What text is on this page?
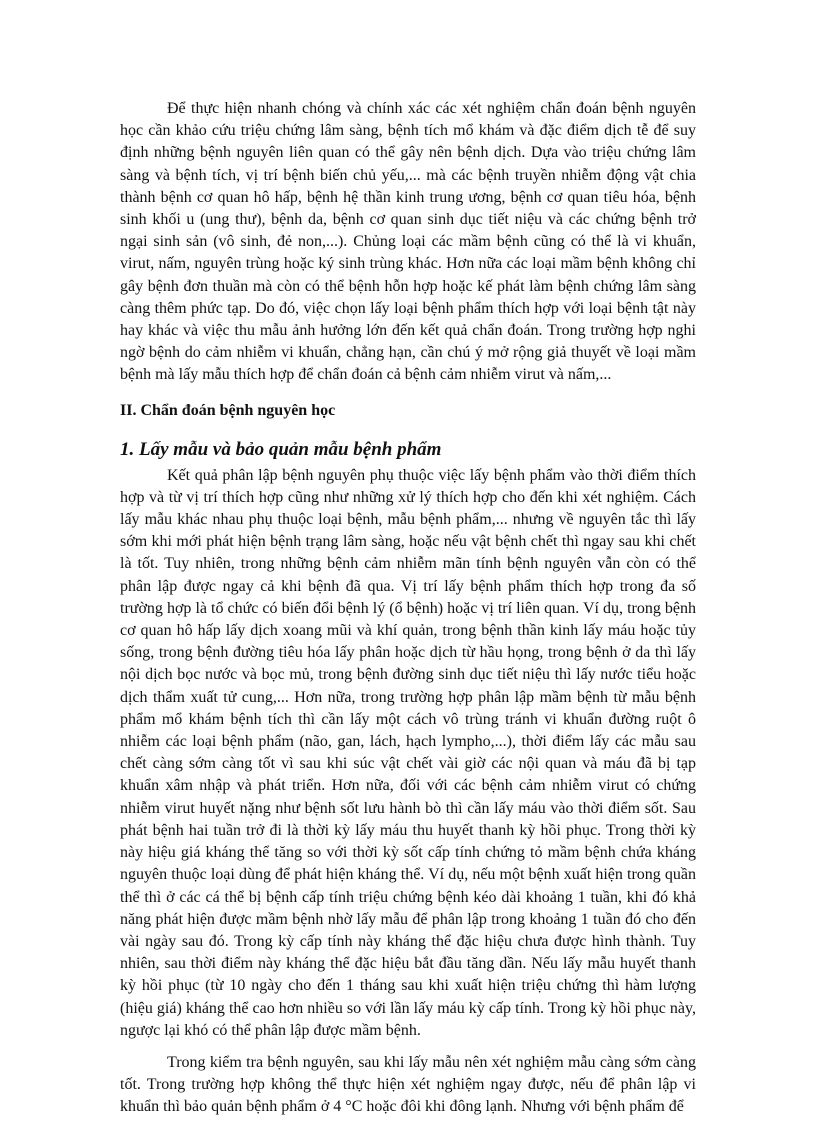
Để thực hiện nhanh chóng và chính xác các xét nghiệm chẩn đoán bệnh nguyên học cần khảo cứu triệu chứng lâm sàng, bệnh tích mổ khám và đặc điểm dịch tễ để suy định những bệnh nguyên liên quan có thể gây nên bệnh dịch. Dựa vào triệu chứng lâm sàng và bệnh tích, vị trí bệnh biến chủ yếu,... mà các bệnh truyền nhiễm động vật chia thành bệnh cơ quan hô hấp, bệnh hệ thần kinh trung ương, bệnh cơ quan tiêu hóa, bệnh sinh khối u (ung thư), bệnh da, bệnh cơ quan sinh dục tiết niệu và các chứng bệnh trở ngại sinh sản (vô sinh, đẻ non,...). Chủng loại các mầm bệnh cũng có thể là vi khuẩn, virut, nấm, nguyên trùng hoặc ký sinh trùng khác. Hơn nữa các loại mầm bệnh không chỉ gây bệnh đơn thuần mà còn có thể bệnh hỗn hợp hoặc kế phát làm bệnh chứng lâm sàng càng thêm phức tạp. Do đó, việc chọn lấy loại bệnh phẩm thích hợp với loại bệnh tật này hay khác và việc thu mẫu ảnh hưởng lớn đến kết quả chẩn đoán. Trong trường hợp nghi ngờ bệnh do cảm nhiễm vi khuẩn, chẳng hạn, cần chú ý mở rộng giả thuyết về loại mầm bệnh mà lấy mẫu thích hợp để chẩn đoán cả bệnh cảm nhiễm virut và nấm,...

II. Chẩn đoán bệnh nguyên học
1. Lấy mẫu và bảo quản mẫu bệnh phẩm

Kết quả phân lập bệnh nguyên phụ thuộc việc lấy bệnh phẩm vào thời điểm thích hợp và từ vị trí thích hợp cũng như những xử lý thích hợp cho đến khi xét nghiệm. Cách lấy mẫu khác nhau phụ thuộc loại bệnh, mẫu bệnh phẩm,... nhưng về nguyên tắc thì lấy sớm khi mới phát hiện bệnh trạng lâm sàng, hoặc nếu vật bệnh chết thì ngay sau khi chết là tốt. Tuy nhiên, trong những bệnh cảm nhiễm mãn tính bệnh nguyên vẫn còn có thể phân lập được ngay cả khi bệnh đã qua. Vị trí lấy bệnh phẩm thích hợp trong đa số trường hợp là tổ chức có biến đổi bệnh lý (ổ bệnh) hoặc vị trí liên quan. Ví dụ, trong bệnh cơ quan hô hấp lấy dịch xoang mũi và khí quản, trong bệnh thần kinh lấy máu hoặc tủy sống, trong bệnh đường tiêu hóa lấy phân hoặc dịch từ hầu họng, trong bệnh ở da thì lấy nội dịch bọc nước và bọc mủ, trong bệnh đường sinh dục tiết niệu thì lấy nước tiểu hoặc dịch thẩm xuất tử cung,... Hơn nữa, trong trường hợp phân lập mầm bệnh từ mẫu bệnh phẩm mổ khám bệnh tích thì cần lấy một cách vô trùng tránh vi khuẩn đường ruột ô nhiễm các loại bệnh phẩm (não, gan, lách, hạch lympho,...), thời điểm lấy các mẫu sau chết càng sớm càng tốt vì sau khi súc vật chết vài giờ các nội quan và máu đã bị tạp khuẩn xâm nhập và phát triển. Hơn nữa, đối với các bệnh cảm nhiễm virut có chứng nhiễm virut huyết nặng như bệnh sốt lưu hành bò thì cần lấy máu vào thời điểm sốt. Sau phát bệnh hai tuần trở đi là thời kỳ lấy máu thu huyết thanh kỳ hồi phục. Trong thời kỳ này hiệu giá kháng thể tăng so với thời kỳ sốt cấp tính chứng tỏ mầm bệnh chứa kháng nguyên thuộc loại dùng để phát hiện kháng thể. Ví dụ, nếu một bệnh xuất hiện trong quần thể thì ở các cá thể bị bệnh cấp tính triệu chứng bệnh kéo dài khoảng 1 tuần, khi đó khả năng phát hiện được mầm bệnh nhờ lấy mẫu để phân lập trong khoảng 1 tuần đó cho đến vài ngày sau đó. Trong kỳ cấp tính này kháng thể đặc hiệu chưa được hình thành. Tuy nhiên, sau thời điểm này kháng thể đặc hiệu bắt đầu tăng dần. Nếu lấy mẫu huyết thanh kỳ hồi phục (từ 10 ngày cho đến 1 tháng sau khi xuất hiện triệu chứng thì hàm lượng (hiệu giá) kháng thể cao hơn nhiều so với lần lấy máu kỳ cấp tính. Trong kỳ hồi phục này, ngược lại khó có thể phân lập được mầm bệnh.

Trong kiểm tra bệnh nguyên, sau khi lấy mẫu nên xét nghiệm mẫu càng sớm càng tốt. Trong trường hợp không thể thực hiện xét nghiệm ngay được, nếu để phân lập vi khuẩn thì bảo quản bệnh phẩm ở 4 °C hoặc đôi khi đông lạnh. Nhưng với bệnh phẩm để
